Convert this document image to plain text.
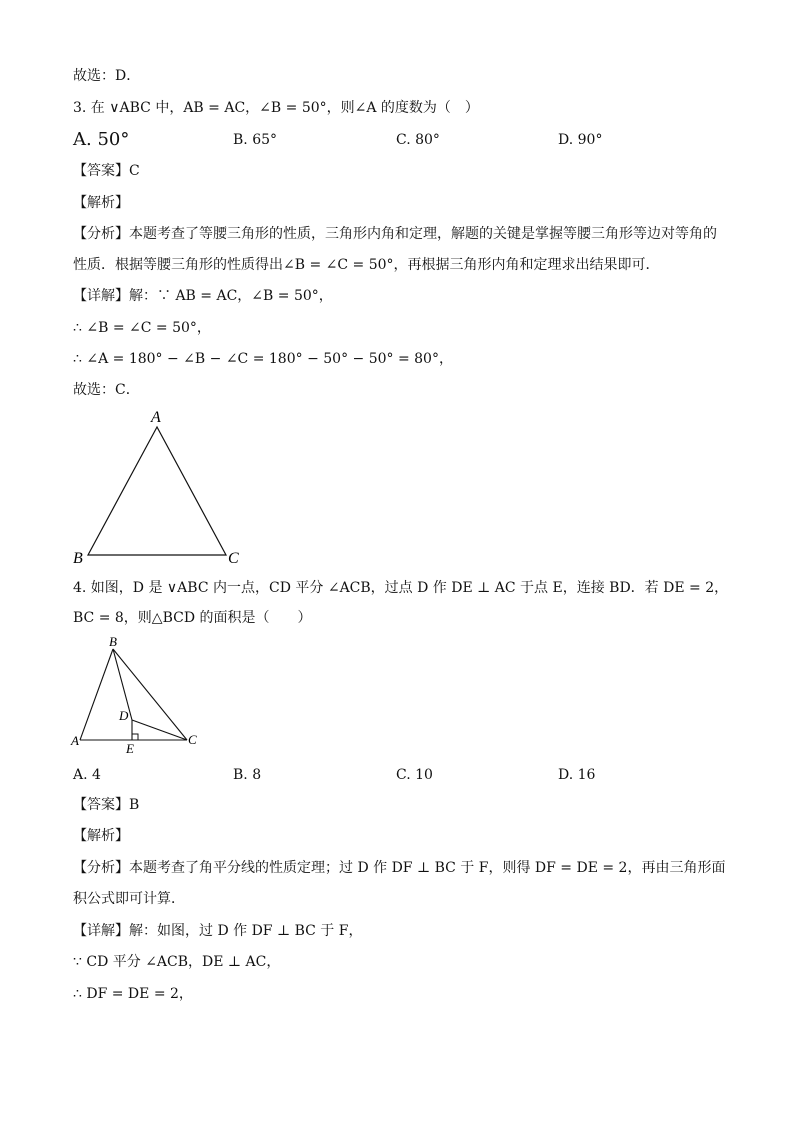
故选：D．
3. 在 ∨ABC 中，AB = AC，∠B = 50°，则∠A 的度数为（　）
A. 50°	B. 65°	C. 80°	D. 90°
【答案】C
【解析】
【分析】本题考查了等腰三角形的性质，三角形内角和定理，解题的关键是掌握等腰三角形等边对等角的
性质．根据等腰三角形的性质得出∠B = ∠C = 50°，再根据三角形内角和定理求出结果即可．
【详解】解：∵ AB = AC，∠B = 50°，
∴ ∠B = ∠C = 50°，
∴ ∠A = 180° − ∠B − ∠C = 180° − 50° − 50° = 80°，
故选：C．
A
B	C
4. 如图，D 是 ∨ABC 内一点，CD 平分 ∠ACB，过点 D 作 DE ⊥ AC 于点 E，连接 BD．若 DE = 2，
BC = 8，则△BCD 的面积是（　　）
B
A	C
D
E
A. 4	B. 8	C. 10	D. 16
【答案】B
【解析】
【分析】本题考查了角平分线的性质定理；过 D 作 DF ⊥ BC 于 F，则得 DF = DE = 2，再由三角形面
积公式即可计算．
【详解】解：如图，过 D 作 DF ⊥ BC 于 F，
∵ CD 平分 ∠ACB，DE ⊥ AC，
∴ DF = DE = 2，
